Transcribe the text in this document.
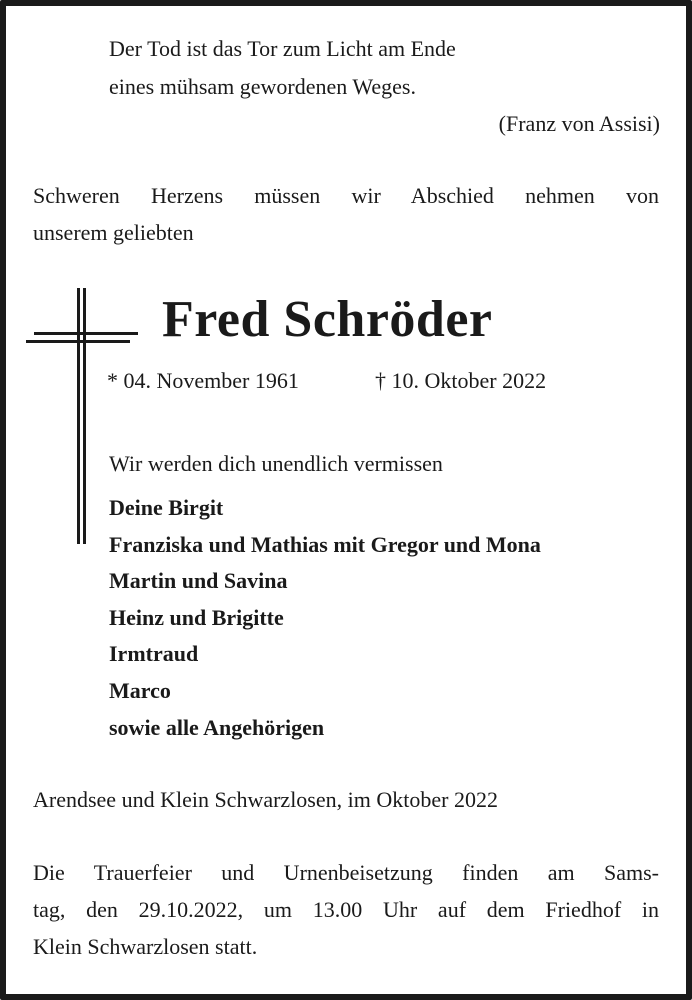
Der Tod ist das Tor zum Licht am Ende
eines mühsam gewordenen Weges.
(Franz von Assisi)
Schweren Herzens müssen wir Abschied nehmen von
unserem geliebten
Fred Schröder
* 04. November 1961	† 10. Oktober 2022
Wir werden dich unendlich vermissen
Deine Birgit
Franziska und Mathias mit Gregor und Mona
Martin und Savina
Heinz und Brigitte
Irmtraud
Marco
sowie alle Angehörigen
Arendsee und Klein Schwarzlosen, im Oktober 2022
Die Trauerfeier und Urnenbeisetzung finden am Sams-
tag, den 29.10.2022, um 13.00 Uhr auf dem Friedhof in
Klein Schwarzlosen statt.
